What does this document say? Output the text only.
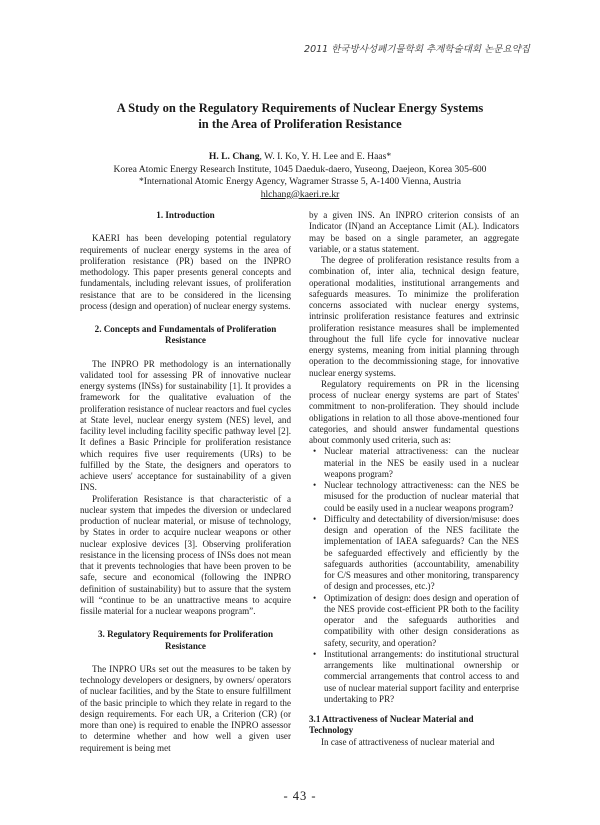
2011 한국방사성폐기물학회 추계학술대회 논문요약집
A Study on the Regulatory Requirements of Nuclear Energy Systems
in the Area of Proliferation Resistance
H. L. Chang, W. I. Ko, Y. H. Lee and E. Haas*
Korea Atomic Energy Research Institute, 1045 Daeduk-daero, Yuseong, Daejeon, Korea 305-600
*International Atomic Energy Agency, Wagramer Strasse 5, A-1400 Vienna, Austria
hlchang@kaeri.re.kr

1. Introduction

KAERI has been developing potential regulatory requirements of nuclear energy systems in the area of proliferation resistance (PR) based on the INPRO methodology. This paper presents general concepts and fundamentals, including relevant issues, of proliferation resistance that are to be considered in the licensing process (design and operation) of nuclear energy systems.

2. Concepts and Fundamentals of Proliferation
Resistance

The INPRO PR methodology is an internationally validated tool for assessing PR of innovative nuclear energy systems (INSs) for sustainability [1]. It provides a framework for the qualitative evaluation of the proliferation resistance of nuclear reactors and fuel cycles at State level, nuclear energy system (NES) level, and facility level including facility specific pathway level [2]. It defines a Basic Principle for proliferation resistance which requires five user requirements (URs) to be fulfilled by the State, the designers and operators to achieve users' acceptance for sustainability of a given INS.

Proliferation Resistance is that characteristic of a nuclear system that impedes the diversion or undeclared production of nuclear material, or misuse of technology, by States in order to acquire nuclear weapons or other nuclear explosive devices [3]. Observing proliferation resistance in the licensing process of INSs does not mean that it prevents technologies that have been proven to be safe, secure and economical (following the INPRO definition of sustainability) but to assure that the system will “continue to be an unattractive means to acquire fissile material for a nuclear weapons program”.

3. Regulatory Requirements for Proliferation
Resistance

The INPRO URs set out the measures to be taken by technology developers or designers, by owners/ operators of nuclear facilities, and by the State to ensure fulfillment of the basic principle to which they relate in regard to the design requirements. For each UR, a Criterion (CR) (or more than one) is required to enable the INPRO assessor to determine whether and how well a given user requirement is being met

by a given INS. An INPRO criterion consists of an Indicator (IN)and an Acceptance Limit (AL). Indicators may be based on a single parameter, an aggregate variable, or a status statement.

The degree of proliferation resistance results from a combination of, inter alia, technical design feature, operational modalities, institutional arrangements and safeguards measures. To minimize the proliferation concerns associated with nuclear energy systems, intrinsic proliferation resistance features and extrinsic proliferation resistance measures shall be implemented throughout the full life cycle for innovative nuclear energy systems, meaning from initial planning through operation to the decommissioning stage, for innovative nuclear energy systems.

Regulatory requirements on PR in the licensing process of nuclear energy systems are part of States' commitment to non-proliferation. They should include obligations in relation to all those above-mentioned four categories, and should answer fundamental questions about commonly used criteria, such as:

• Nuclear material attractiveness: can the nuclear material in the NES be easily used in a nuclear weapons program?
• Nuclear technology attractiveness: can the NES be misused for the production of nuclear material that could be easily used in a nuclear weapons program?
• Difficulty and detectability of diversion/misuse: does design and operation of the NES facilitate the implementation of IAEA safeguards? Can the NES be safeguarded effectively and efficiently by the safeguards authorities (accountability, amenability for C/S measures and other monitoring, transparency of design and processes, etc.)?
• Optimization of design: does design and operation of the NES provide cost-efficient PR both to the facility operator and the safeguards authorities and compatibility with other design considerations as safety, security, and operation?
• Institutional arrangements: do institutional structural arrangements like multinational ownership or commercial arrangements that control access to and use of nuclear material support facility and enterprise undertaking to PR?

3.1 Attractiveness of Nuclear Material and
Technology

In case of attractiveness of nuclear material and

- 43 -
